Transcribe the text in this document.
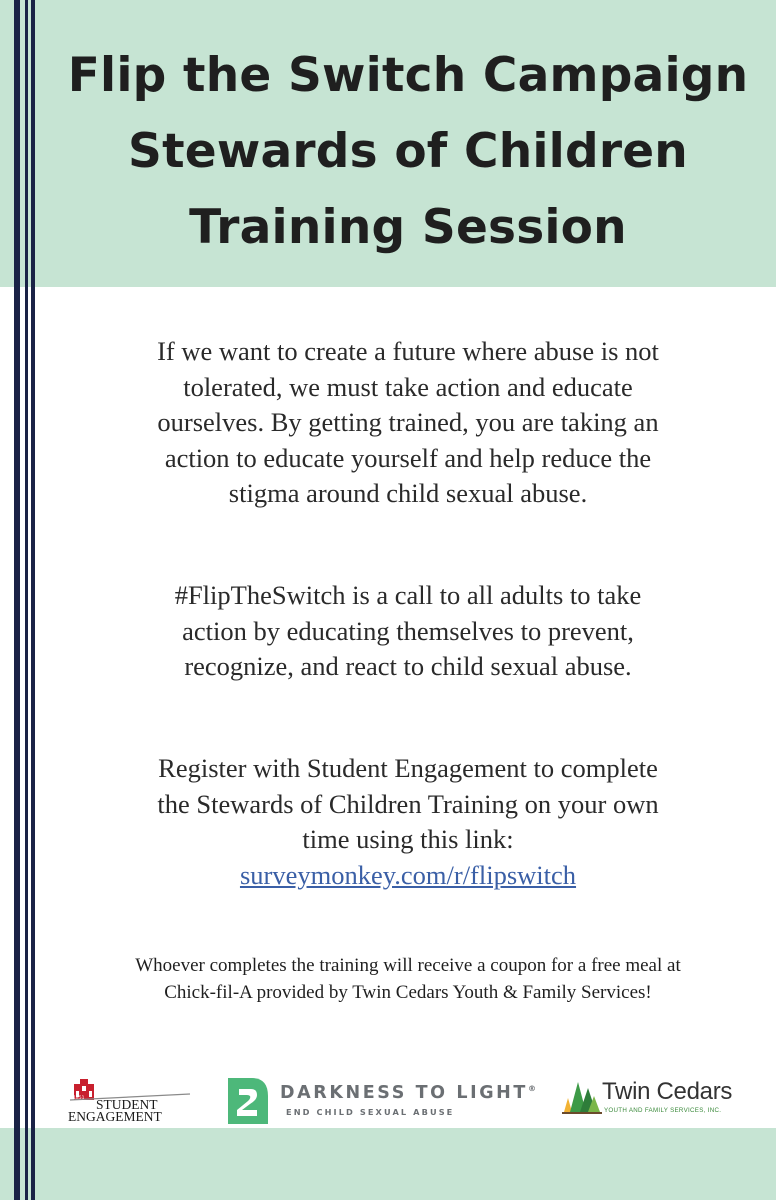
Flip the Switch Campaign
Stewards of Children
Training Session

If we want to create a future where abuse is not
tolerated, we must take action and educate
ourselves. By getting trained, you are taking an
action to educate yourself and help reduce the
stigma around child sexual abuse.

#FlipTheSwitch is a call to all adults to take
action by educating themselves to prevent,
recognize, and react to child sexual abuse.

Register with Student Engagement to complete
the Stewards of Children Training on your own
time using this link:
surveymonkey.com/r/flipswitch

Whoever completes the training will receive a coupon for a free meal at
Chick-fil-A provided by Twin Cedars Youth & Family Services!

1851 STUDENT
ENGAGEMENT
DARKNESS TO LIGHT®
END CHILD SEXUAL ABUSE
Twin Cedars
YOUTH AND FAMILY SERVICES, INC.
